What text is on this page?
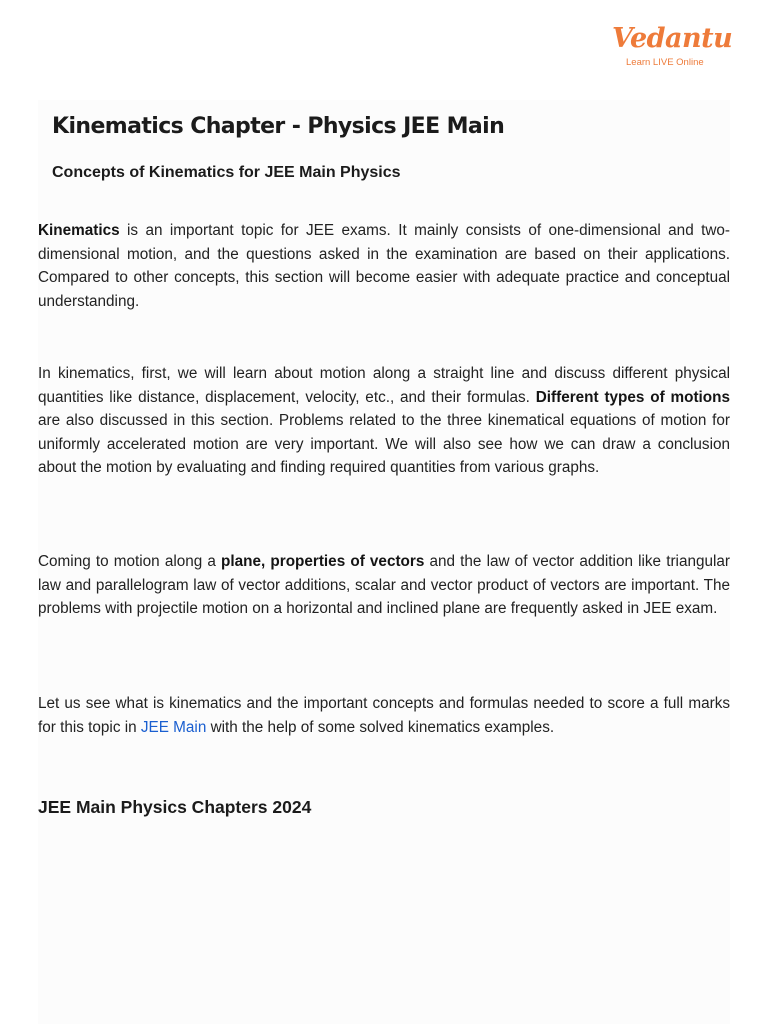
Vedantu
Learn LIVE Online
Kinematics Chapter - Physics JEE Main
Concepts of Kinematics for JEE Main Physics

Kinematics is an important topic for JEE exams. It mainly consists of one-dimensional and two-dimensional motion, and the questions asked in the examination are based on their applications. Compared to other concepts, this section will become easier with adequate practice and conceptual understanding.

In kinematics, first, we will learn about motion along a straight line and discuss different physical quantities like distance, displacement, velocity, etc., and their formulas. Different types of motions are also discussed in this section. Problems related to the three kinematical equations of motion for uniformly accelerated motion are very important. We will also see how we can draw a conclusion about the motion by evaluating and finding required quantities from various graphs.

Coming to motion along a plane, properties of vectors and the law of vector addition like triangular law and parallelogram law of vector additions, scalar and vector product of vectors are important. The problems with projectile motion on a horizontal and inclined plane are frequently asked in JEE exam.

Let us see what is kinematics and the important concepts and formulas needed to score a full marks for this topic in JEE Main with the help of some solved kinematics examples.

JEE Main Physics Chapters 2024
